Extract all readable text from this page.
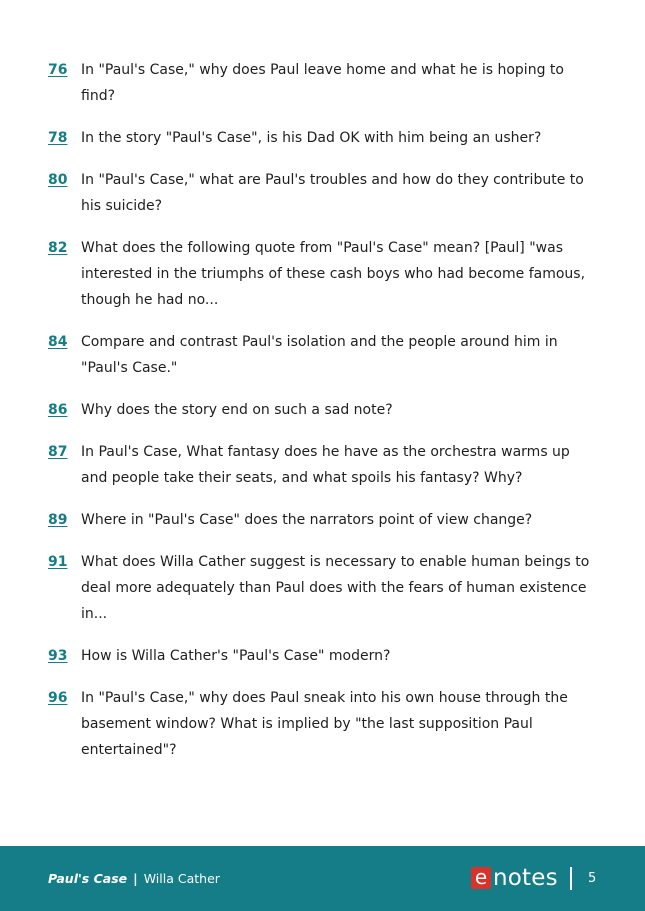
76 In "Paul's Case," why does Paul leave home and what he is hoping to find?
78 In the story "Paul's Case", is his Dad OK with him being an usher?
80 In "Paul's Case," what are Paul's troubles and how do they contribute to his suicide?
82 What does the following quote from "Paul's Case" mean? [Paul] "was interested in the triumphs of these cash boys who had become famous, though he had no...
84 Compare and contrast Paul's isolation and the people around him in "Paul's Case."
86 Why does the story end on such a sad note?
87 In Paul's Case, What fantasy does he have as the orchestra warms up and people take their seats, and what spoils his fantasy? Why?
89 Where in "Paul's Case" does the narrators point of view change?
91 What does Willa Cather suggest is necessary to enable human beings to deal more adequately than Paul does with the fears of human existence in...
93 How is Willa Cather's "Paul's Case" modern?
96 In "Paul's Case," why does Paul sneak into his own house through the basement window? What is implied by "the last supposition Paul entertained"?
Paul's Case | Willa Cather	e notes 5
